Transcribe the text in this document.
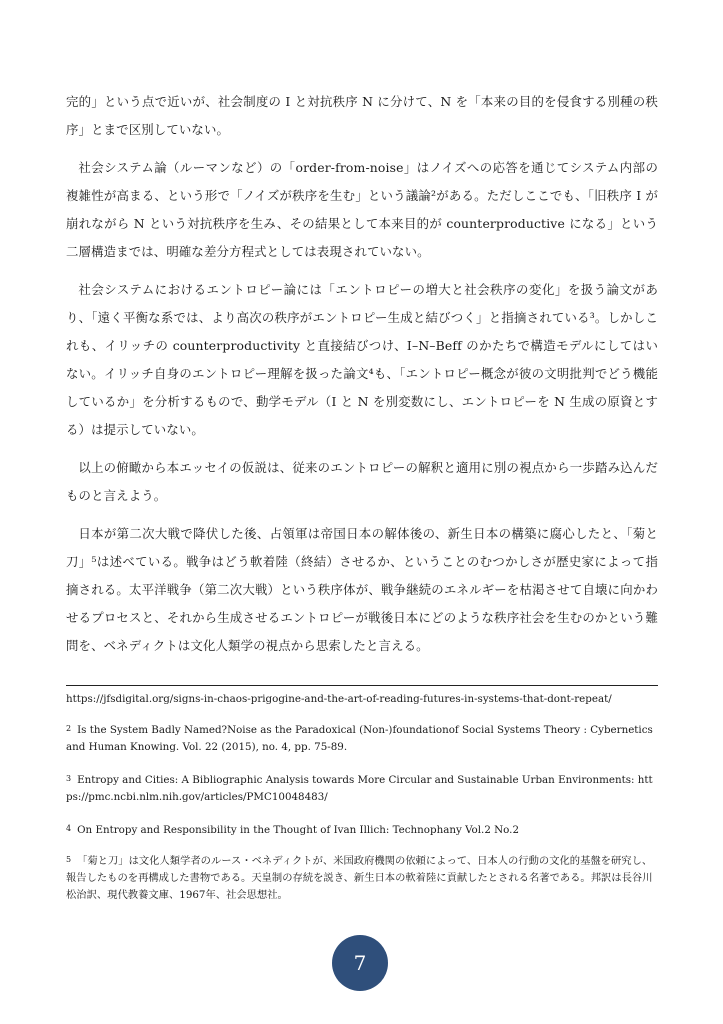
完的」という点で近いが、社会制度の I と対抗秩序 N に分けて、N を「本来の目的を侵食する別種の秩序」とまで区別していない。

社会システム論（ルーマンなど）の「order-from-noise」はノイズへの応答を通じてシステム内部の複雑性が高まる、という形で「ノイズが秩序を生む」という議論²がある。ただしここでも、「旧秩序 I が崩れながら N という対抗秩序を生み、その結果として本来目的が counterproductive になる」という二層構造までは、明確な差分方程式としては表現されていない。

社会システムにおけるエントロピー論には「エントロピーの増大と社会秩序の変化」を扱う論文があり、「遠く平衡な系では、より高次の秩序がエントロピー生成と結びつく」と指摘されている³。しかしこれも、イリッチの counterproductivity と直接結びつけ、I–N–Beff のかたちで構造モデルにしてはいない。イリッチ自身のエントロピー理解を扱った論文⁴も、「エントロピー概念が彼の文明批判でどう機能しているか」を分析するもので、動学モデル（I と N を別変数にし、エントロピーを N 生成の原資とする）は提示していない。

以上の俯瞰から本エッセイの仮説は、従来のエントロピーの解釈と適用に別の視点から一歩踏み込んだものと言えよう。

日本が第二次大戦で降伏した後、占領軍は帝国日本の解体後の、新生日本の構築に腐心したと、「菊と刀」⁵は述べている。戦争はどう軟着陸（終結）させるか、ということのむつかしさが歴史家によって指摘される。太平洋戦争（第二次大戦）という秩序体が、戦争継続のエネルギーを枯渇させて自壊に向かわせるプロセスと、それから生成させるエントロピーが戦後日本にどのような秩序社会を生むのかという難問を、ベネディクトは文化人類学の視点から思索したと言える。

https://jfsdigital.org/signs-in-chaos-prigogine-and-the-art-of-reading-futures-in-systems-that-dont-repeat/
$^2$ Is the System Badly Named?Noise as the Paradoxical (Non-)foundationof Social Systems Theory : Cybernetics and Human Knowing. Vol. 22 (2015), no. 4, pp. 75-89.
$^3$ Entropy and Cities: A Bibliographic Analysis towards More Circular and Sustainable Urban Environments: https://pmc.ncbi.nlm.nih.gov/articles/PMC10048483/
$^4$ On Entropy and Responsibility in the Thought of Ivan Illich: Technophany Vol.2 No.2
$^5$ 「菊と刀」は文化人類学者のルース・ベネディクトが、米国政府機関の依頼によって、日本人の行動の文化的基盤を研究し、報告したものを再構成した書物である。天皇制の存続を説き、新生日本の軟着陸に貢献したとされる名著である。邦訳は長谷川松治訳、現代教養文庫、1967年、社会思想社。
7
